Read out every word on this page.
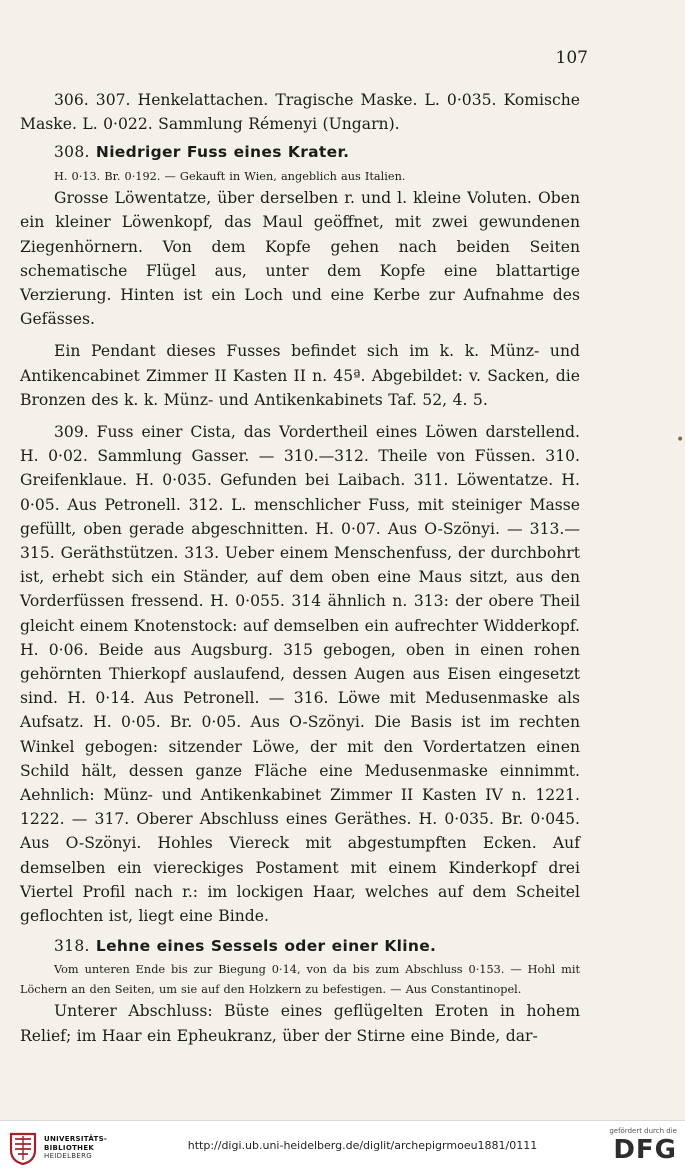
107

306. 307. Henkelattachen. Tragische Maske. L. 0·035. Komische Maske. L. 0·022. Sammlung Rémenyi (Ungarn).

308. Niedriger Fuss eines Krater.

H. 0·13. Br. 0·192. — Gekauft in Wien, angeblich aus Italien.

Grosse Löwentatze, über derselben r. und l. kleine Voluten. Oben ein kleiner Löwenkopf, das Maul geöffnet, mit zwei gewundenen Ziegenhörnern. Von dem Kopfe gehen nach beiden Seiten schematische Flügel aus, unter dem Kopfe eine blattartige Verzierung. Hinten ist ein Loch und eine Kerbe zur Aufnahme des Gefässes.

Ein Pendant dieses Fusses befindet sich im k. k. Münz- und Antikencabinet Zimmer II Kasten II n. 45ª. Abgebildet: v. Sacken, die Bronzen des k. k. Münz- und Antikenkabinets Taf. 52, 4. 5.

309. Fuss einer Cista, das Vordertheil eines Löwen darstellend. H. 0·02. Sammlung Gasser. — 310.—312. Theile von Füssen. 310. Greifenklaue. H. 0·035. Gefunden bei Laibach. 311. Löwentatze. H. 0·05. Aus Petronell. 312. L. menschlicher Fuss, mit steiniger Masse gefüllt, oben gerade abgeschnitten. H. 0·07. Aus O-Szönyi. — 313.—315. Geräthstützen. 313. Ueber einem Menschenfuss, der durchbohrt ist, erhebt sich ein Ständer, auf dem oben eine Maus sitzt, aus den Vorderfüssen fressend. H. 0·055. 314 ähnlich n. 313: der obere Theil gleicht einem Knotenstock: auf demselben ein aufrechter Widderkopf. H. 0·06. Beide aus Augsburg. 315 gebogen, oben in einen rohen gehörnten Thierkopf auslaufend, dessen Augen aus Eisen eingesetzt sind. H. 0·14. Aus Petronell. — 316. Löwe mit Medusenmaske als Aufsatz. H. 0·05. Br. 0·05. Aus O-Szönyi. Die Basis ist im rechten Winkel gebogen: sitzender Löwe, der mit den Vordertatzen einen Schild hält, dessen ganze Fläche eine Medusenmaske einnimmt. Aehnlich: Münz- und Antikenkabinet Zimmer II Kasten IV n. 1221. 1222. — 317. Oberer Abschluss eines Geräthes. H. 0·035. Br. 0·045. Aus O-Szönyi. Hohles Viereck mit abgestumpften Ecken. Auf demselben ein viereckiges Postament mit einem Kinderkopf drei Viertel Profil nach r.: im lockigen Haar, welches auf dem Scheitel geflochten ist, liegt eine Binde.

318. Lehne eines Sessels oder einer Kline.

Vom unteren Ende bis zur Biegung 0·14, von da bis zum Abschluss 0·153. — Hohl mit Löchern an den Seiten, um sie auf den Holzkern zu befestigen. — Aus Constantinopel.

Unterer Abschluss: Büste eines geflügelten Eroten in hohem Relief; im Haar ein Epheukranz, über der Stirne eine Binde, dar-

•
UNIVERSITÄTS-
BIBLIOTHEK
HEIDELBERG
http://digi.ub.uni-heidelberg.de/diglit/archepigrmoeu1881/0111
gefördert durch die
DFG
